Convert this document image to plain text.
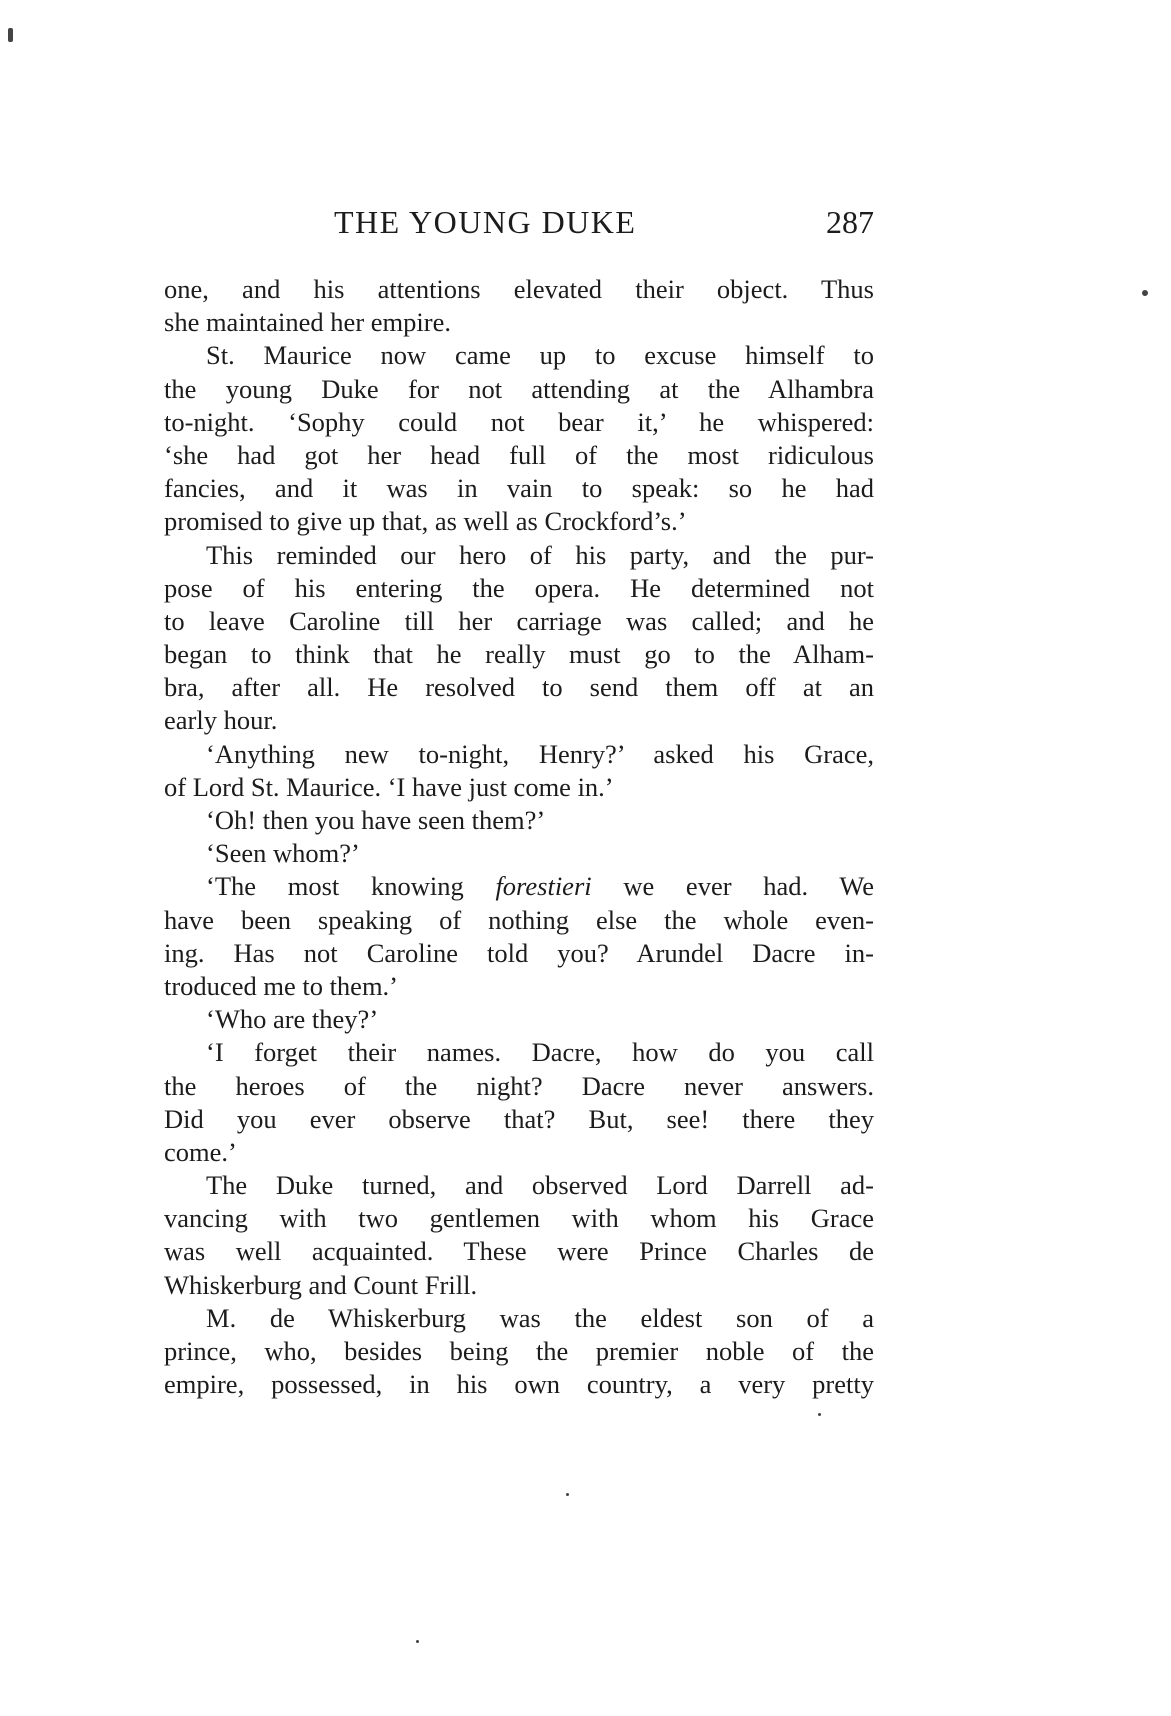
THE YOUNG DUKE	287
one, and his attentions elevated their object. Thus
she maintained her empire.
St. Maurice now came up to excuse himself to
the young Duke for not attending at the Alhambra
to-night. ‘Sophy could not bear it,’ he whispered:
‘she had got her head full of the most ridiculous
fancies, and it was in vain to speak: so he had
promised to give up that, as well as Crockford’s.’
This reminded our hero of his party, and the pur-
pose of his entering the opera. He determined not
to leave Caroline till her carriage was called; and he
began to think that he really must go to the Alham-
bra, after all. He resolved to send them off at an
early hour.
‘Anything new to-night, Henry?’ asked his Grace,
of Lord St. Maurice. ‘I have just come in.’
‘Oh! then you have seen them?’
‘Seen whom?’
‘The most knowing forestieri we ever had. We
have been speaking of nothing else the whole even-
ing. Has not Caroline told you? Arundel Dacre in-
troduced me to them.’
‘Who are they?’
‘I forget their names. Dacre, how do you call
the heroes of the night? Dacre never answers.
Did you ever observe that? But, see! there they
come.’
The Duke turned, and observed Lord Darrell ad-
vancing with two gentlemen with whom his Grace
was well acquainted. These were Prince Charles de
Whiskerburg and Count Frill.
M. de Whiskerburg was the eldest son of a
prince, who, besides being the premier noble of the
empire, possessed, in his own country, a very pretty
